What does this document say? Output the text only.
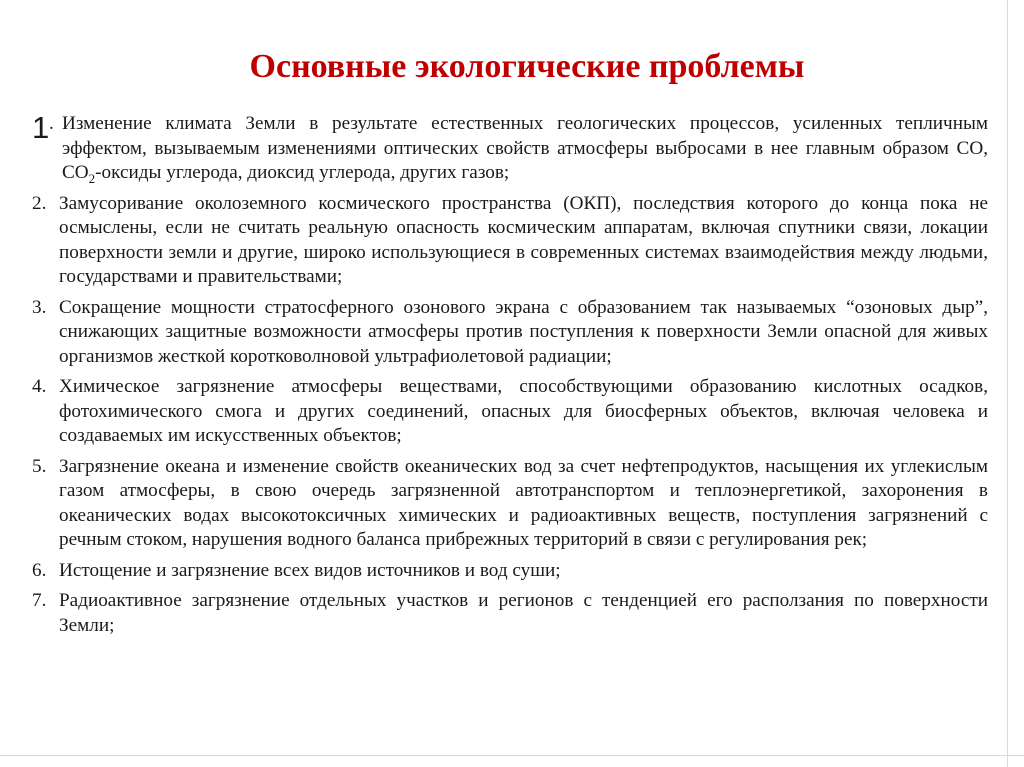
Основные экологические проблемы
1 . Изменение климата Земли в результате естественных геологических процессов, усиленных тепличным эффектом, вызываемым изменениями оптических свойств атмосферы выбросами в нее главным образом СО, $СО_2$-оксиды углерода, диоксид углерода, других газов;
2. Замусоривание околоземного космического пространства (ОКП), последствия которого до конца пока не осмыслены, если не считать реальную опасность космическим аппаратам, включая спутники связи, локации поверхности земли и другие, широко использующиеся в современных системах взаимодействия между людьми, государствами и правительствами;
3. Сокращение мощности стратосферного озонового экрана с образованием так называемых “озоновых дыр”, снижающих защитные возможности атмосферы против поступления к поверхности Земли опасной для живых организмов жесткой коротковолновой ультрафиолетовой радиации;
4. Химическое загрязнение атмосферы веществами, способствующими образованию кислотных осадков, фотохимического смога и других соединений, опасных для биосферных объектов, включая человека и создаваемых им искусственных объектов;
5. Загрязнение океана и изменение свойств океанических вод за счет нефтепродуктов, насыщения их углекислым газом атмосферы, в свою очередь загрязненной автотранспортом и теплоэнергетикой, захоронения в океанических водах высокотоксичных химических и радиоактивных веществ, поступления загрязнений с речным стоком, нарушения водного баланса прибрежных территорий в связи с регулирования рек;
6. Истощение и загрязнение всех видов источников и вод суши;
7. Радиоактивное загрязнение отдельных участков и регионов с тенденцией его расползания по поверхности Земли;
